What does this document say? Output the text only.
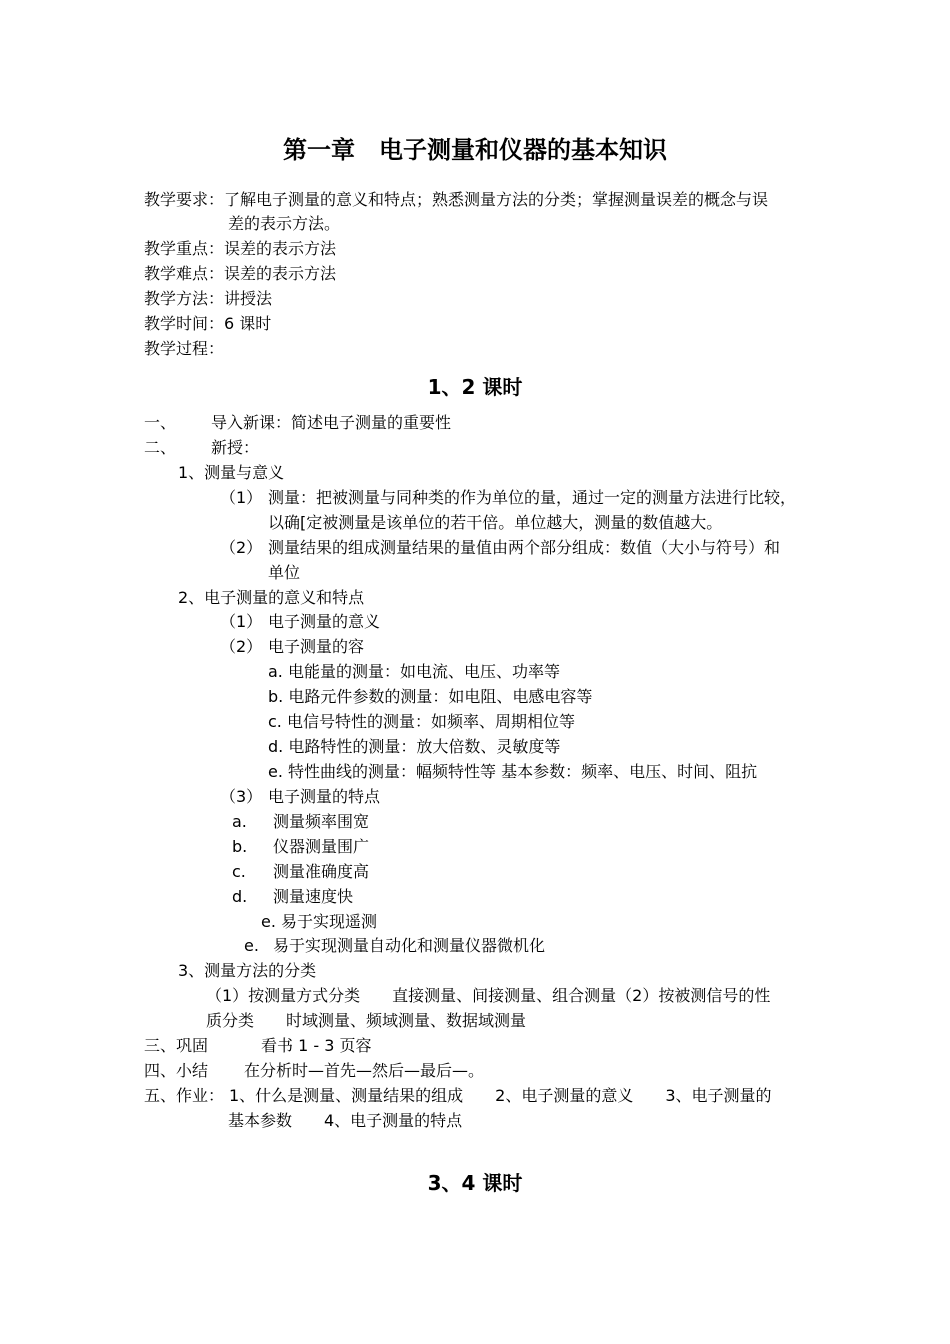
第一章　电子测量和仪器的基本知识
教学要求：了解电子测量的意义和特点；熟悉测量方法的分类；掌握测量误差的概念与误
差的表示方法。
教学重点：误差的表示方法
教学难点：误差的表示方法
教学方法：讲授法
教学时间：6 课时
教学过程：
1、2 课时
一、 导入新课：简述电子测量的重要性
二、 新授：
1、测量与意义
（1） 测量：把被测量与同种类的作为单位的量，通过一定的测量方法进行比较，
以确[定被测量是该单位的若干倍。单位越大，测量的数值越大。
（2） 测量结果的组成测量结果的量值由两个部分组成：数值（大小与符号）和
单位
2、电子测量的意义和特点
（1） 电子测量的意义
（2） 电子测量的容
a. 电能量的测量：如电流、电压、功率等
b. 电路元件参数的测量：如电阻、电感电容等
c. 电信号特性的测量：如频率、周期相位等
d. 电路特性的测量：放大倍数、灵敏度等
e. 特性曲线的测量：幅频特性等 基本参数：频率、电压、时间、阻抗
（3） 电子测量的特点
a. 测量频率围宽
b. 仪器测量围广
c. 测量准确度高
d. 测量速度快
e. 易于实现遥测
e. 易于实现测量自动化和测量仪器微机化
3、测量方法的分类
（1）按测量方式分类　　直接测量、间接测量、组合测量（2）按被测信号的性
质分类　　时域测量、频域测量、数据域测量
三、巩固	看书 1 - 3 页容
四、小结 在分析时—首先—然后—最后—。
五、作业： 1、什么是测量、测量结果的组成　　2、电子测量的意义　　3、电子测量的
基本参数　　4、电子测量的特点
3、4 课时
